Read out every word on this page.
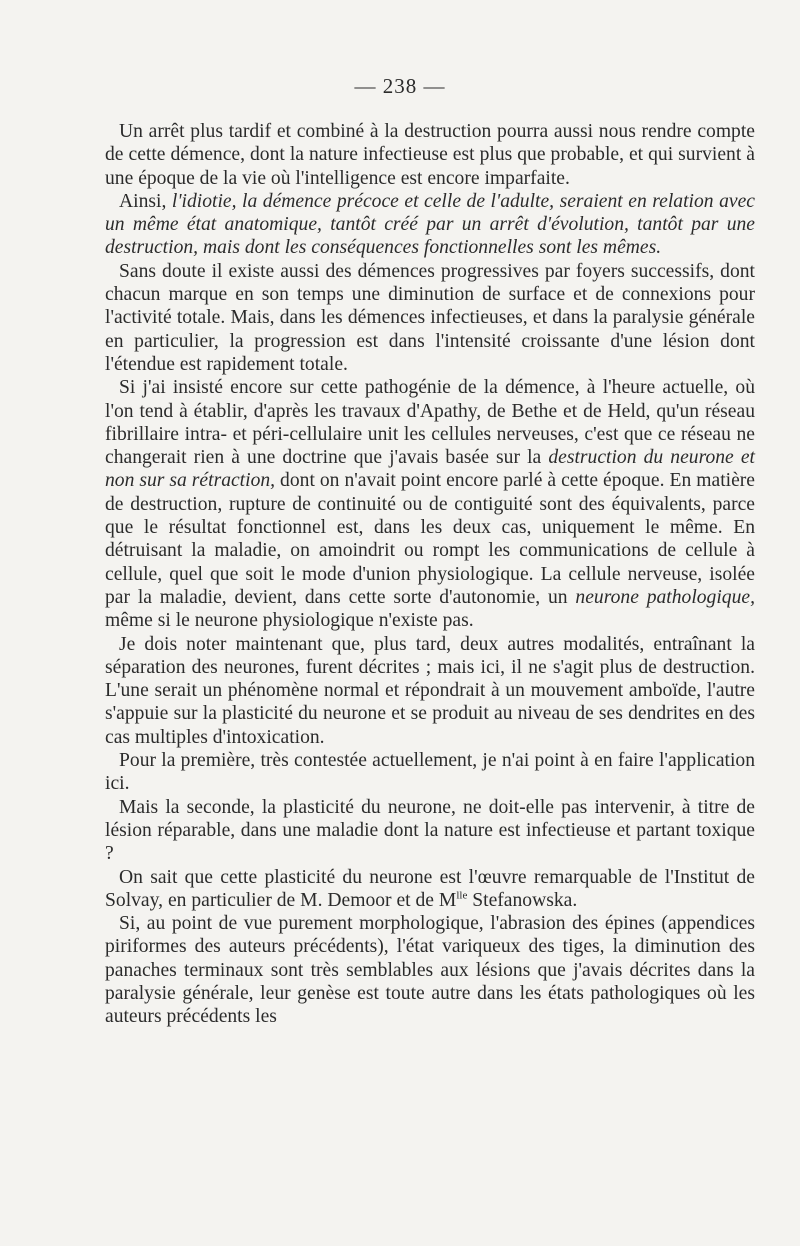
— 238 —

Un arrêt plus tardif et combiné à la destruction pourra aussi nous rendre compte de cette démence, dont la nature infectieuse est plus que probable, et qui survient à une époque de la vie où l'intelligence est encore imparfaite.

Ainsi, l'idiotie, la démence précoce et celle de l'adulte, seraient en relation avec un même état anatomique, tantôt créé par un arrêt d'évolution, tantôt par une destruction, mais dont les conséquences fonctionnelles sont les mêmes.

Sans doute il existe aussi des démences progressives par foyers successifs, dont chacun marque en son temps une diminution de surface et de connexions pour l'activité totale. Mais, dans les démences infectieuses, et dans la paralysie générale en particulier, la progression est dans l'intensité croissante d'une lésion dont l'étendue est rapidement totale.

Si j'ai insisté encore sur cette pathogénie de la démence, à l'heure actuelle, où l'on tend à établir, d'après les travaux d'Apathy, de Bethe et de Held, qu'un réseau fibrillaire intra- et péri-cellulaire unit les cellules nerveuses, c'est que ce réseau ne changerait rien à une doctrine que j'avais basée sur la destruction du neurone et non sur sa rétraction, dont on n'avait point encore parlé à cette époque. En matière de destruction, rupture de continuité ou de contiguité sont des équivalents, parce que le résultat fonctionnel est, dans les deux cas, uniquement le même. En détruisant la maladie, on amoindrit ou rompt les communications de cellule à cellule, quel que soit le mode d'union physiologique. La cellule nerveuse, isolée par la maladie, devient, dans cette sorte d'autonomie, un neurone pathologique, même si le neurone physiologique n'existe pas.

Je dois noter maintenant que, plus tard, deux autres modalités, entraînant la séparation des neurones, furent décrites ; mais ici, il ne s'agit plus de destruction. L'une serait un phénomène normal et répondrait à un mouvement amboïde, l'autre s'appuie sur la plasticité du neurone et se produit au niveau de ses dendrites en des cas multiples d'intoxication.

Pour la première, très contestée actuellement, je n'ai point à en faire l'application ici.

Mais la seconde, la plasticité du neurone, ne doit-elle pas intervenir, à titre de lésion réparable, dans une maladie dont la nature est infectieuse et partant toxique ?

On sait que cette plasticité du neurone est l'œuvre remarquable de l'Institut de Solvay, en particulier de M. Demoor et de $M^{lle}$ Stefanowska.

Si, au point de vue purement morphologique, l'abrasion des épines (appendices piriformes des auteurs précédents), l'état variqueux des tiges, la diminution des panaches terminaux sont très semblables aux lésions que j'avais décrites dans la paralysie générale, leur genèse est toute autre dans les états pathologiques où les auteurs précédents les
